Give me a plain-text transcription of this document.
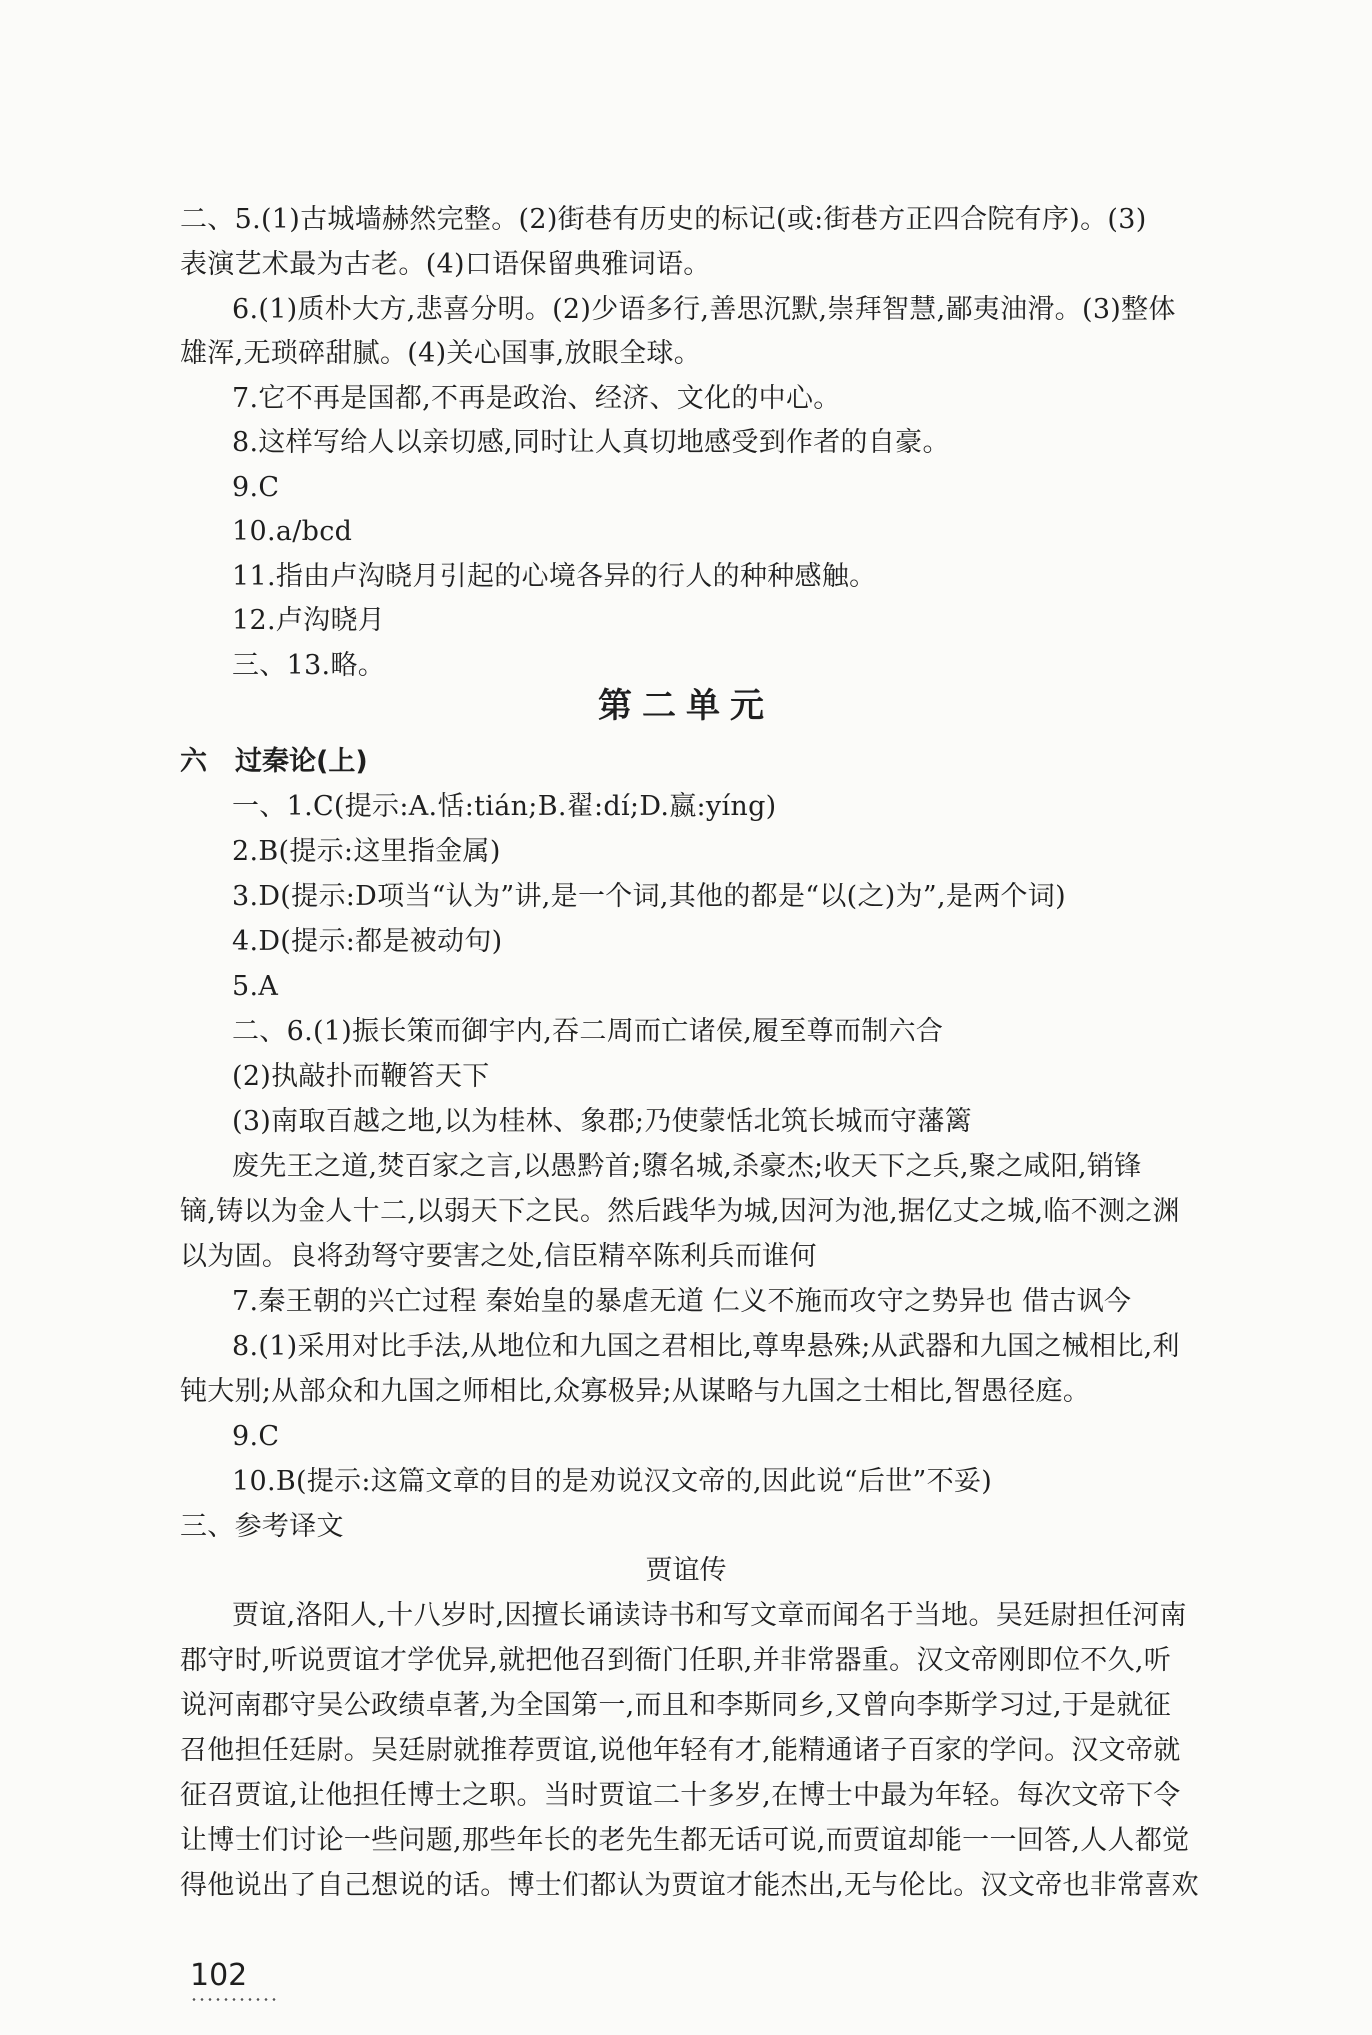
二、5.(1)古城墙赫然完整。(2)街巷有历史的标记(或:街巷方正四合院有序)。(3)
表演艺术最为古老。(4)口语保留典雅词语。
6.(1)质朴大方,悲喜分明。(2)少语多行,善思沉默,崇拜智慧,鄙夷油滑。(3)整体
雄浑,无琐碎甜腻。(4)关心国事,放眼全球。
7.它不再是国都,不再是政治、经济、文化的中心。
8.这样写给人以亲切感,同时让人真切地感受到作者的自豪。
9.C
10.a/bcd
11.指由卢沟晓月引起的心境各异的行人的种种感触。
12.卢沟晓月
三、13.略。
第二单元
六 过秦论(上)
一、1.C(提示:A.恬:tián;B.翟:dí;D.嬴:yíng)
2.B(提示:这里指金属)
3.D(提示:D项当“认为”讲,是一个词,其他的都是“以(之)为”,是两个词)
4.D(提示:都是被动句)
5.A
二、6.(1)振长策而御宇内,吞二周而亡诸侯,履至尊而制六合
(2)执敲扑而鞭笞天下
(3)南取百越之地,以为桂林、象郡;乃使蒙恬北筑长城而守藩篱
废先王之道,焚百家之言,以愚黔首;隳名城,杀豪杰;收天下之兵,聚之咸阳,销锋
镝,铸以为金人十二,以弱天下之民。然后践华为城,因河为池,据亿丈之城,临不测之渊
以为固。良将劲弩守要害之处,信臣精卒陈利兵而谁何
7.秦王朝的兴亡过程 秦始皇的暴虐无道 仁义不施而攻守之势异也 借古讽今
8.(1)采用对比手法,从地位和九国之君相比,尊卑悬殊;从武器和九国之械相比,利
钝大别;从部众和九国之师相比,众寡极异;从谋略与九国之士相比,智愚径庭。
9.C
10.B(提示:这篇文章的目的是劝说汉文帝的,因此说“后世”不妥)
三、参考译文
贾谊传
贾谊,洛阳人,十八岁时,因擅长诵读诗书和写文章而闻名于当地。吴廷尉担任河南
郡守时,听说贾谊才学优异,就把他召到衙门任职,并非常器重。汉文帝刚即位不久,听
说河南郡守吴公政绩卓著,为全国第一,而且和李斯同乡,又曾向李斯学习过,于是就征
召他担任廷尉。吴廷尉就推荐贾谊,说他年轻有才,能精通诸子百家的学问。汉文帝就
征召贾谊,让他担任博士之职。当时贾谊二十多岁,在博士中最为年轻。每次文帝下令
让博士们讨论一些问题,那些年长的老先生都无话可说,而贾谊却能一一回答,人人都觉
得他说出了自己想说的话。博士们都认为贾谊才能杰出,无与伦比。汉文帝也非常喜欢
102
